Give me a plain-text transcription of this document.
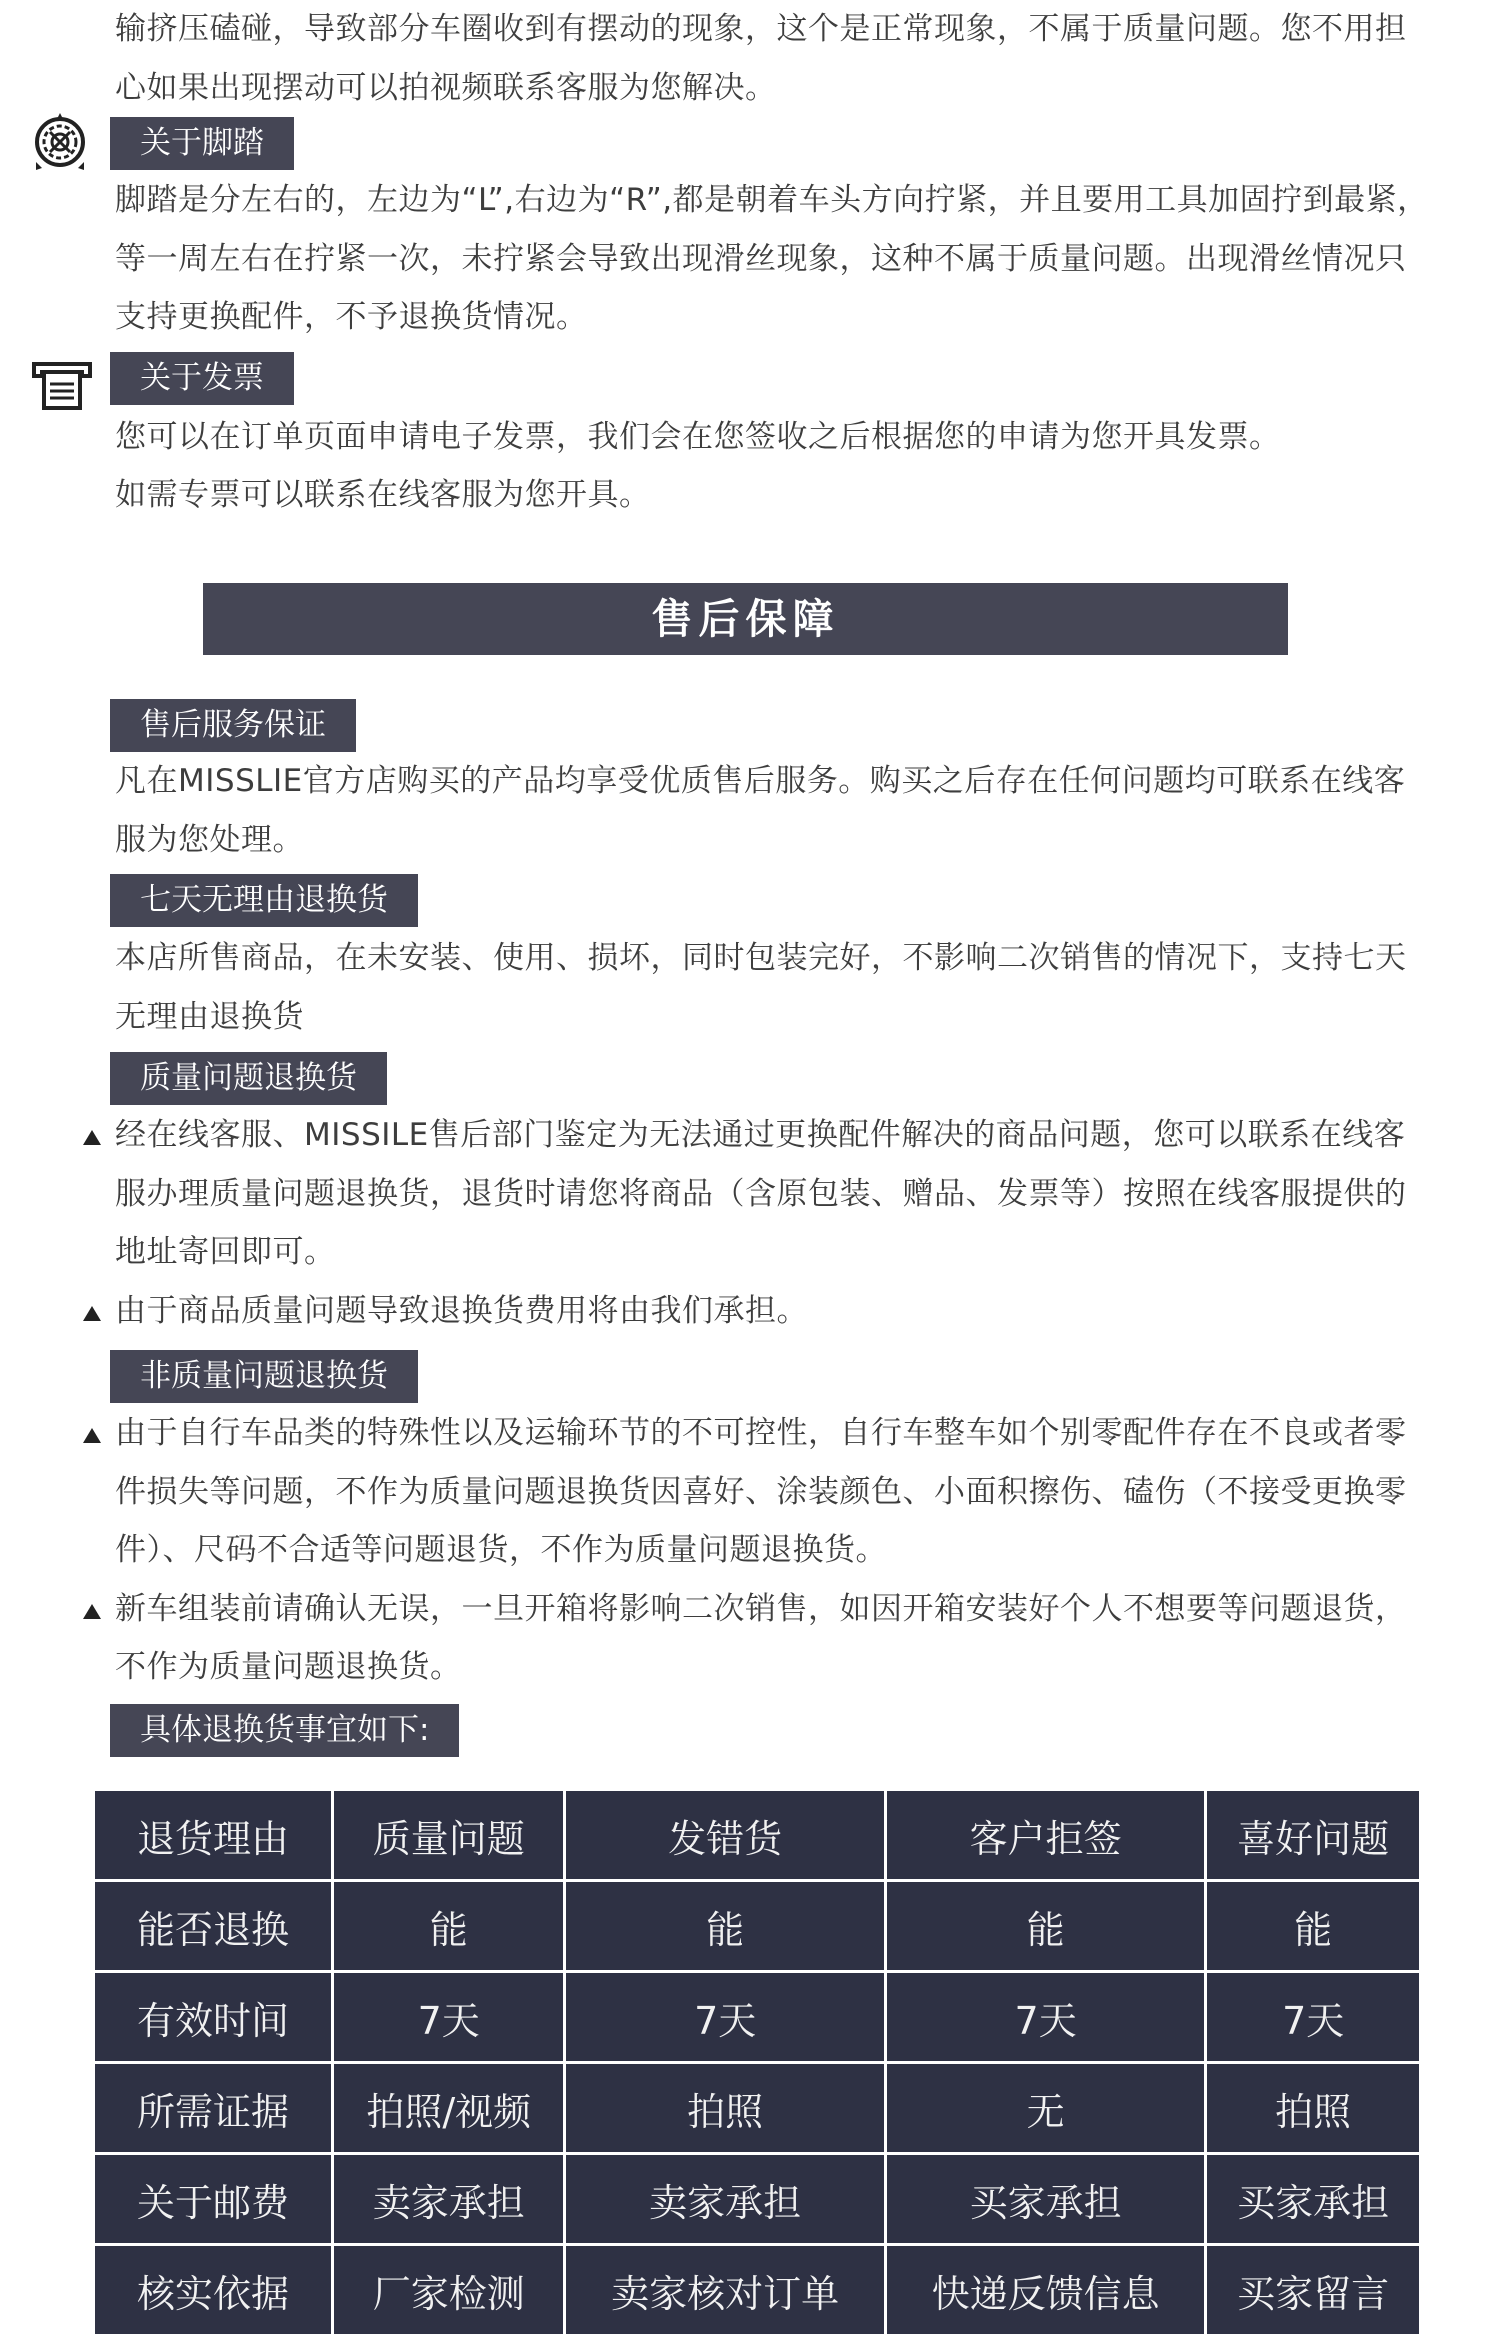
输挤压磕碰，导致部分车圈收到有摆动的现象，这个是正常现象，不属于质量问题。您不用担心如果出现摆动可以拍视频联系客服为您解决。

关于脚踏

脚踏是分左右的，左边为“L”,右边为“R”,都是朝着车头方向拧紧，并且要用工具加固拧到最紧，等一周左右在拧紧一次，未拧紧会导致出现滑丝现象，这种不属于质量问题。出现滑丝情况只支持更换配件，不予退换货情况。

关于发票

您可以在订单页面申请电子发票，我们会在您签收之后根据您的申请为您开具发票。

如需专票可以联系在线客服为您开具。

售后保障
售后服务保证

凡在MISSLIE官方店购买的产品均享受优质售后服务。购买之后存在任何问题均可联系在线客服为您处理。

七天无理由退换货

本店所售商品，在未安装、使用、损坏，同时包装完好，不影响二次销售的情况下，支持七天无理由退换货

质量问题退换货
经在线客服、MISSILE售后部门鉴定为无法通过更换配件解决的商品问题，您可以联系在线客服办理质量问题退换货，退货时请您将商品（含原包装、赠品、发票等）按照在线客服提供的地址寄回即可。
由于商品质量问题导致退换货费用将由我们承担。
非质量问题退换货
由于自行车品类的特殊性以及运输环节的不可控性，自行车整车如个别零配件存在不良或者零件损失等问题，不作为质量问题退换货因喜好、涂装颜色、小面积擦伤、磕伤（不接受更换零件）、尺码不合适等问题退货，不作为质量问题退换货。
新车组装前请确认无误，一旦开箱将影响二次销售，如因开箱安装好个人不想要等问题退货，不作为质量问题退换货。
具体退换货事宜如下:
退货理由	质量问题	发错货	客户拒签	喜好问题
能否退换	能	能	能	能
有效时间	7天	7天	7天	7天
所需证据	拍照/视频	拍照	无	拍照
关于邮费	卖家承担	卖家承担	买家承担	买家承担
核实依据	厂家检测	卖家核对订单	快递反馈信息	买家留言
